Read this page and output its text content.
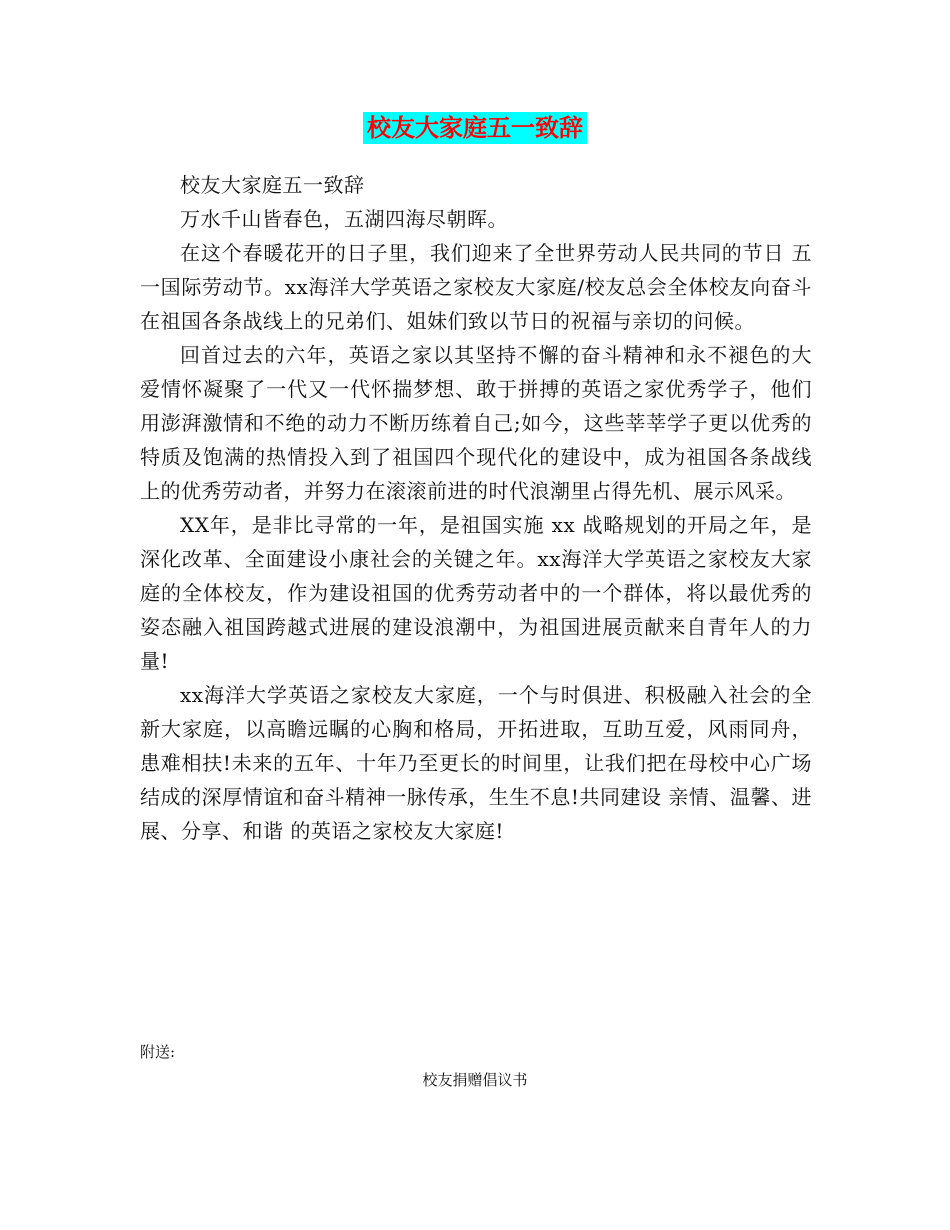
校友大家庭五一致辞

校友大家庭五一致辞

万水千山皆春色，五湖四海尽朝晖。

在这个春暖花开的日子里，我们迎来了全世界劳动人民共同的节日 五一国际劳动节。xx海洋大学英语之家校友大家庭/校友总会全体校友向奋斗在祖国各条战线上的兄弟们、姐妹们致以节日的祝福与亲切的问候。

回首过去的六年，英语之家以其坚持不懈的奋斗精神和永不褪色的大爱情怀凝聚了一代又一代怀揣梦想、敢于拼搏的英语之家优秀学子，他们用澎湃激情和不绝的动力不断历练着自己;如今，这些莘莘学子更以优秀的特质及饱满的热情投入到了祖国四个现代化的建设中，成为祖国各条战线上的优秀劳动者，并努力在滚滚前进的时代浪潮里占得先机、展示风采。

XX年，是非比寻常的一年，是祖国实施 xx 战略规划的开局之年，是深化改革、全面建设小康社会的关键之年。xx海洋大学英语之家校友大家庭的全体校友，作为建设祖国的优秀劳动者中的一个群体，将以最优秀的姿态融入祖国跨越式进展的建设浪潮中，为祖国进展贡献来自青年人的力量!

xx海洋大学英语之家校友大家庭，一个与时俱进、积极融入社会的全新大家庭，以高瞻远瞩的心胸和格局，开拓进取，互助互爱，风雨同舟，患难相扶!未来的五年、十年乃至更长的时间里，让我们把在母校中心广场结成的深厚情谊和奋斗精神一脉传承，生生不息!共同建设 亲情、温馨、进展、分享、和谐 的英语之家校友大家庭!

附送:
校友捐赠倡议书
